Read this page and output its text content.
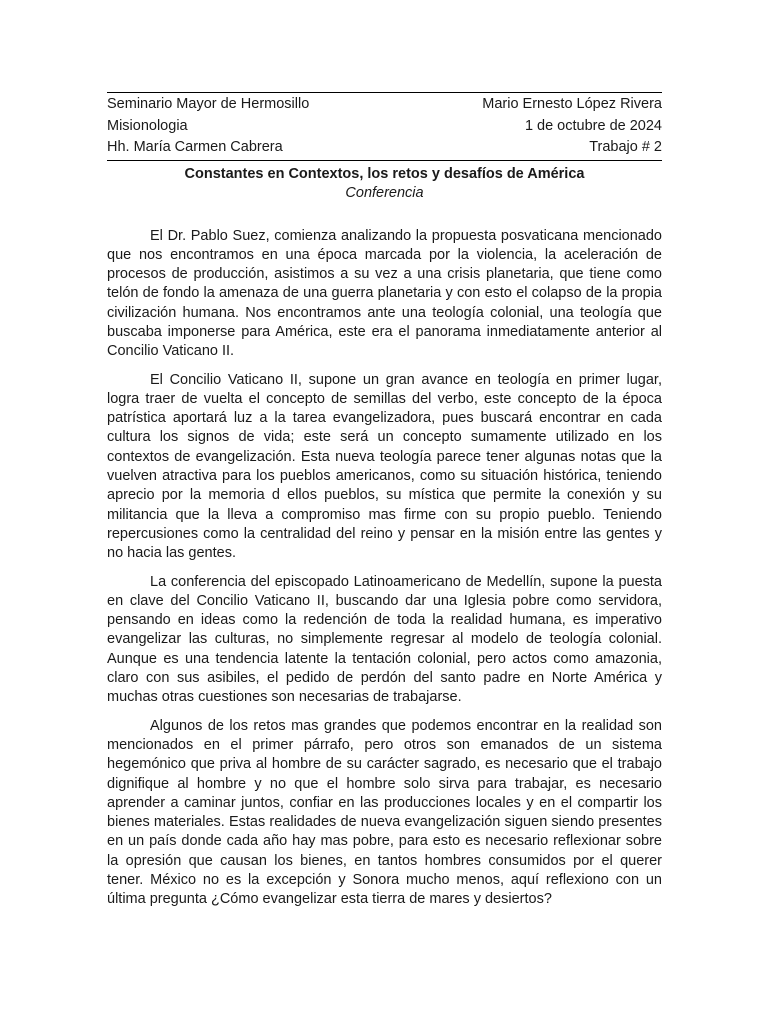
Seminario Mayor de Hermosillo	Mario Ernesto López Rivera
Misionologia	1 de octubre de 2024
Hh. María Carmen Cabrera	Trabajo # 2
Constantes en Contextos, los retos y desafíos de América
Conferencia

El Dr. Pablo Suez, comienza analizando la propuesta posvaticana mencionado que nos encontramos en una época marcada por la violencia, la aceleración de procesos de producción, asistimos a su vez a una crisis planetaria, que tiene como telón de fondo la amenaza de una guerra planetaria y con esto el colapso de la propia civilización humana. Nos encontramos ante una teología colonial, una teología que buscaba imponerse para América, este era el panorama inmediatamente anterior al Concilio Vaticano II.

El Concilio Vaticano II, supone un gran avance en teología en primer lugar, logra traer de vuelta el concepto de semillas del verbo, este concepto de la época patrística aportará luz a la tarea evangelizadora, pues buscará encontrar en cada cultura los signos de vida; este será un concepto sumamente utilizado en los contextos de evangelización. Esta nueva teología parece tener algunas notas que la vuelven atractiva para los pueblos americanos, como su situación histórica, teniendo aprecio por la memoria d ellos pueblos, su mística que permite la conexión y su militancia que la lleva a compromiso mas firme con su propio pueblo. Teniendo repercusiones como la centralidad del reino y pensar en la misión entre las gentes y no hacia las gentes.

La conferencia del episcopado Latinoamericano de Medellín, supone la puesta en clave del Concilio Vaticano II, buscando dar una Iglesia pobre como servidora, pensando en ideas como la redención de toda la realidad humana, es imperativo evangelizar las culturas, no simplemente regresar al modelo de teología colonial. Aunque es una tendencia latente la tentación colonial, pero actos como amazonia, claro con sus asibiles, el pedido de perdón del santo padre en Norte América y muchas otras cuestiones son necesarias de trabajarse.

Algunos de los retos mas grandes que podemos encontrar en la realidad son mencionados en el primer párrafo, pero otros son emanados de un sistema hegemónico que priva al hombre de su carácter sagrado, es necesario que el trabajo dignifique al hombre y no que el hombre solo sirva para trabajar, es necesario aprender a caminar juntos, confiar en las producciones locales y en el compartir los bienes materiales. Estas realidades de nueva evangelización siguen siendo presentes en un país donde cada año hay mas pobre, para esto es necesario reflexionar sobre la opresión que causan los bienes, en tantos hombres consumidos por el querer tener. México no es la excepción y Sonora mucho menos, aquí reflexiono con un última pregunta ¿Cómo evangelizar esta tierra de mares y desiertos?
